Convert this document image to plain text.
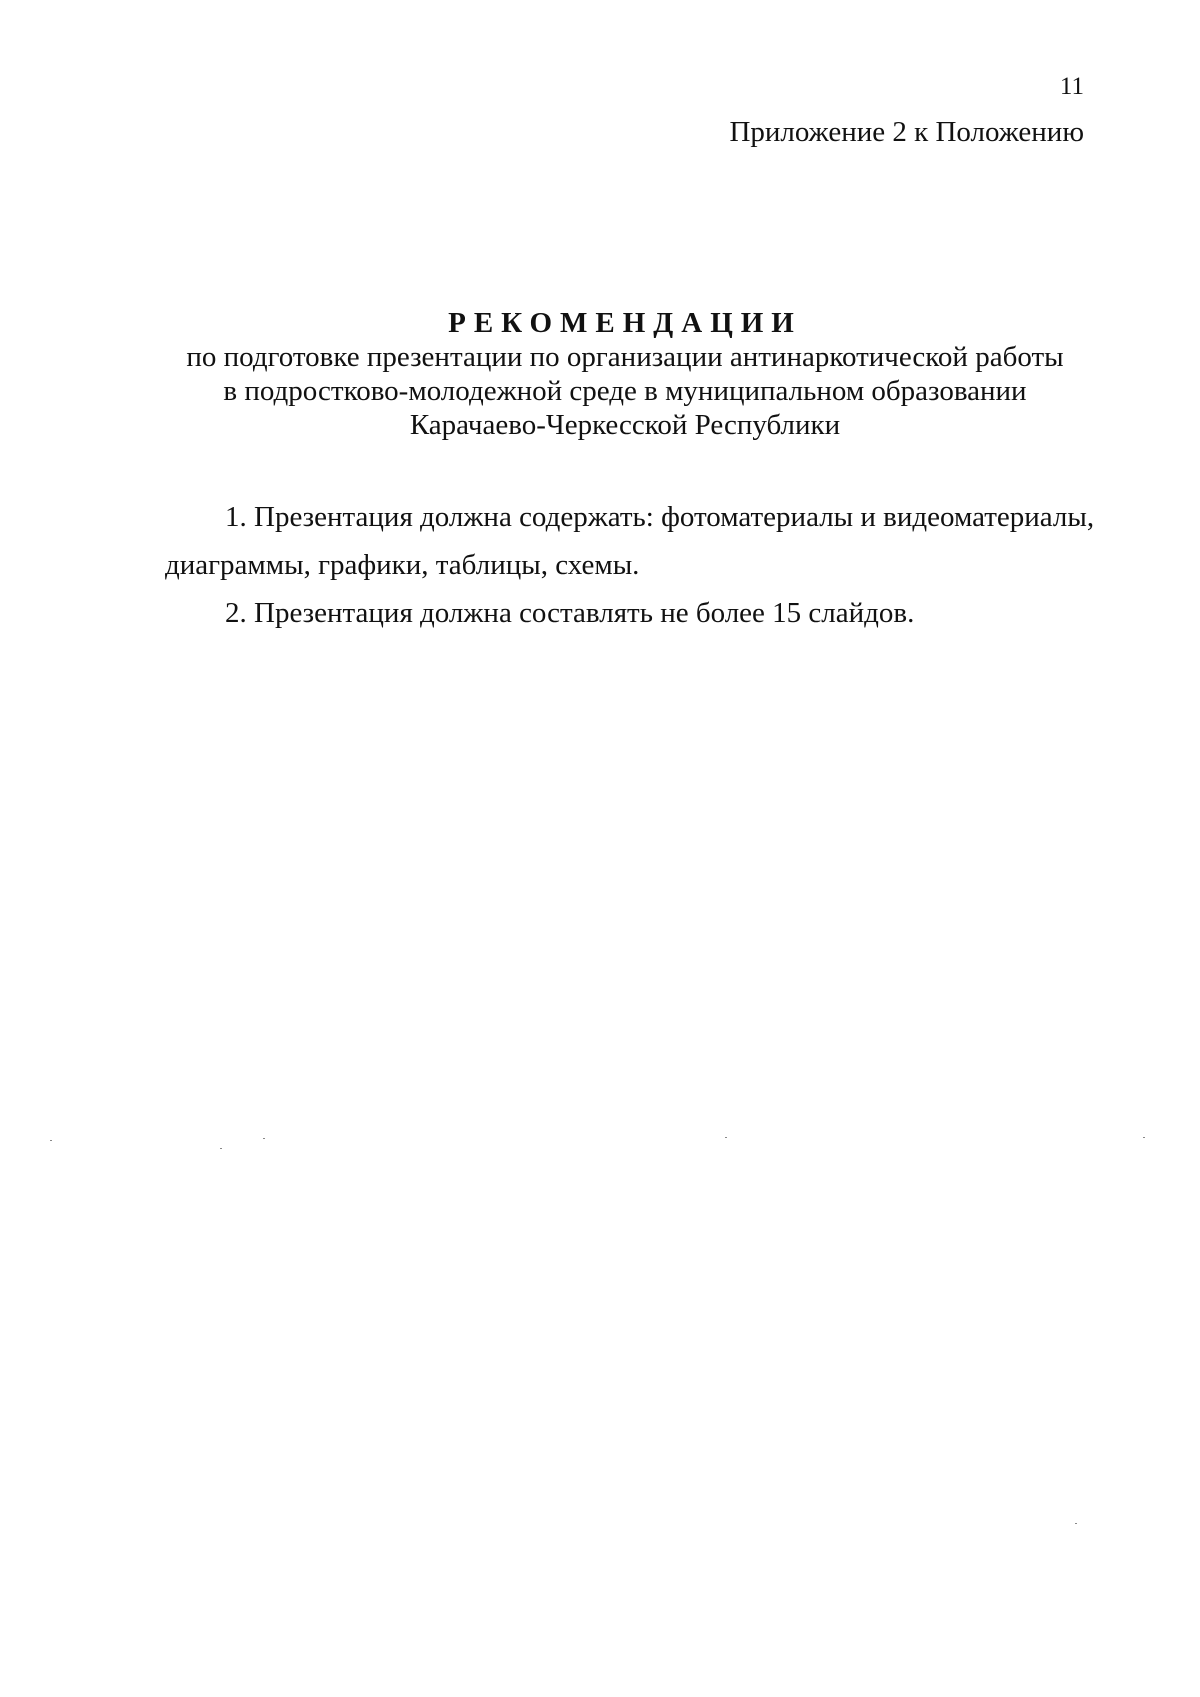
11
Приложение 2 к Положению

РЕКОМЕНДАЦИИ

по подготовке презентации по организации антинаркотической работы

в подростково-молодежной среде в муниципальном образовании

Карачаево-Черкесской Республики

1. Презентация должна содержать: фотоматериалы и видеоматериалы,
диаграммы, графики, таблицы, схемы.
2. Презентация должна составлять не более 15 слайдов.
